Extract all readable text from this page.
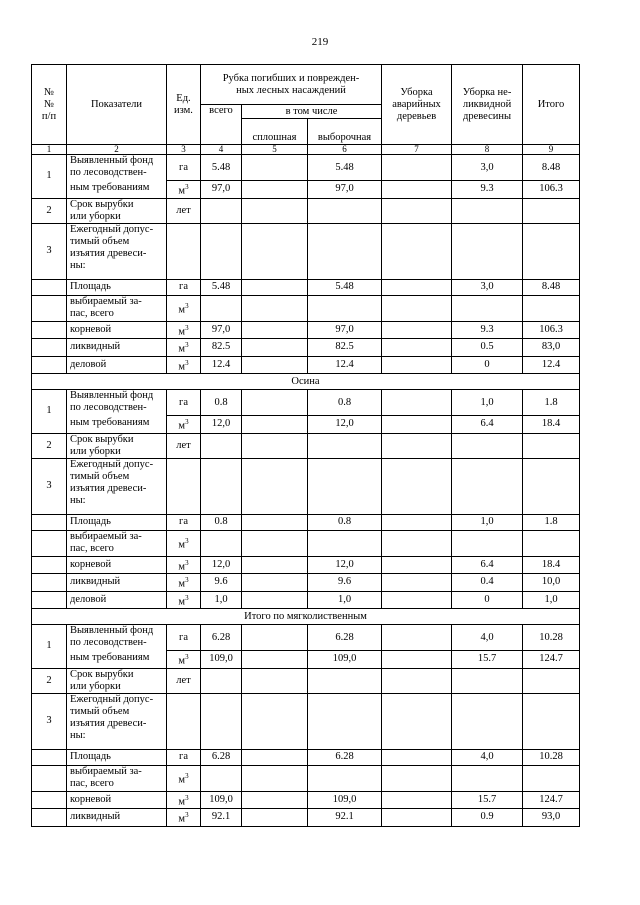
219
№
№
п/п	Показатели	Ед.
изм.	Рубка погибших и поврежден-
ных лесных насаждений			Уборка
аварийных
деревьев	Уборка не-
ликвидной
древесины	Итого
			всего	в том числе				
				сплошная	выборочная			
1	2	3	4	5	6	7	8	9
1	Выявленный фонд
по лесоводствен-
ным требованиям	га	5.48		5.48		3,0	8.48
		$м^3$	97,0		97,0		9.3	106.3
2	Срок вырубки
или уборки	лет						
3	Ежегодный допус-
тимый объем
изъятия древеси-
ны:							
	Площадь	га	5.48		5.48		3,0	8.48
	выбираемый за-
пас, всего	$м^3$						
	корневой	$м^3$	97,0		97,0		9.3	106.3
	ликвидный	$м^3$	82.5		82.5		0.5	83,0
	деловой	$м^3$	12.4		12.4		0	12.4
Осина								
1	Выявленный фонд
по лесоводствен-
ным требованиям	га	0.8		0.8		1,0	1.8
		$м^3$	12,0		12,0		6.4	18.4
2	Срок вырубки
или уборки	лет						
3	Ежегодный допус-
тимый объем
изъятия древеси-
ны:							
	Площадь	га	0.8		0.8		1,0	1.8
	выбираемый за-
пас, всего	$м^3$						
	корневой	$м^3$	12,0		12,0		6.4	18.4
	ликвидный	$м^3$	9.6		9.6		0.4	10,0
	деловой	$м^3$	1,0		1,0		0	1,0
Итого по мягколиственным								
1	Выявленный фонд
по лесоводствен-
ным требованиям	га	6.28		6.28		4,0	10.28
		$м^3$	109,0		109,0		15.7	124.7
2	Срок вырубки
или уборки	лет						
3	Ежегодный допус-
тимый объем
изъятия древеси-
ны:							
	Площадь	га	6.28		6.28		4,0	10.28
	выбираемый за-
пас, всего	$м^3$						
	корневой	$м^3$	109,0		109,0		15.7	124.7
	ликвидный	$м^3$	92.1		92.1		0.9	93,0
